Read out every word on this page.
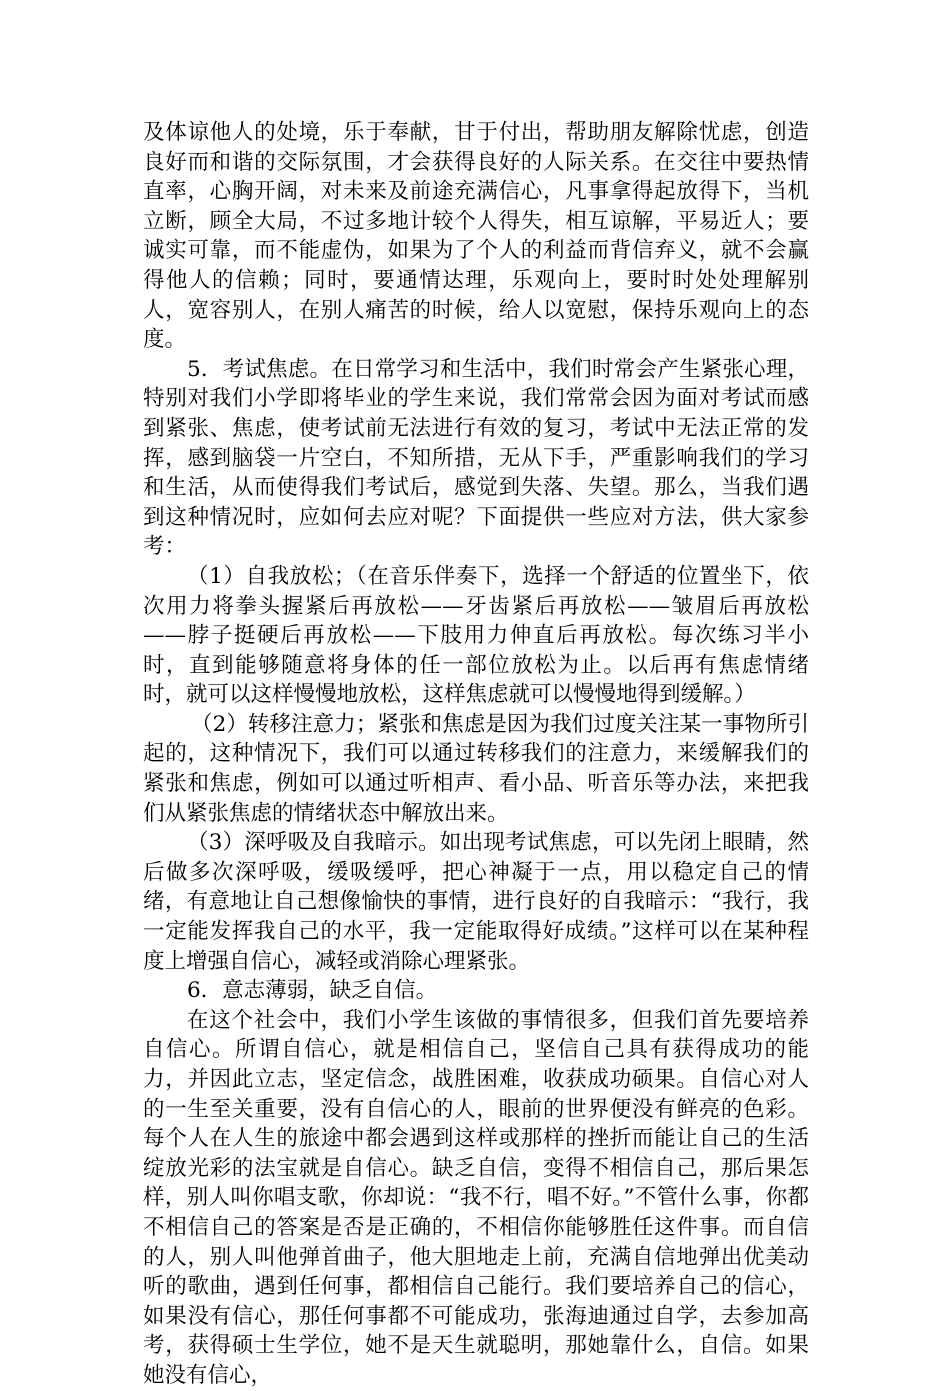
及体谅他人的处境，乐于奉献，甘于付出，帮助朋友解除忧虑，创造良好而和谐的交际氛围，才会获得良好的人际关系。在交往中要热情直率，心胸开阔，对未来及前途充满信心，凡事拿得起放得下，当机立断，顾全大局，不过多地计较个人得失，相互谅解，平易近人；要诚实可靠，而不能虚伪，如果为了个人的利益而背信弃义，就不会赢得他人的信赖；同时，要通情达理，乐观向上，要时时处处理解别人，宽容别人，在别人痛苦的时候，给人以宽慰，保持乐观向上的态度。

5．考试焦虑。在日常学习和生活中，我们时常会产生紧张心理，特别对我们小学即将毕业的学生来说，我们常常会因为面对考试而感到紧张、焦虑，使考试前无法进行有效的复习，考试中无法正常的发挥，感到脑袋一片空白，不知所措，无从下手，严重影响我们的学习和生活，从而使得我们考试后，感觉到失落、失望。那么，当我们遇到这种情况时，应如何去应对呢？下面提供一些应对方法，供大家参考：

（1）自我放松；（在音乐伴奏下，选择一个舒适的位置坐下，依次用力将拳头握紧后再放松——牙齿紧后再放松——皱眉后再放松——脖子挺硬后再放松——下肢用力伸直后再放松。每次练习半小时，直到能够随意将身体的任一部位放松为止。以后再有焦虑情绪时，就可以这样慢慢地放松，这样焦虑就可以慢慢地得到缓解。）

（2）转移注意力；紧张和焦虑是因为我们过度关注某一事物所引起的，这种情况下，我们可以通过转移我们的注意力，来缓解我们的紧张和焦虑，例如可以通过听相声、看小品、听音乐等办法，来把我们从紧张焦虑的情绪状态中解放出来。

（3）深呼吸及自我暗示。如出现考试焦虑，可以先闭上眼睛，然后做多次深呼吸，缓吸缓呼，把心神凝于一点，用以稳定自己的情绪，有意地让自己想像愉快的事情，进行良好的自我暗示：“我行，我一定能发挥我自己的水平，我一定能取得好成绩。”这样可以在某种程度上增强自信心，减轻或消除心理紧张。

6．意志薄弱，缺乏自信。

在这个社会中，我们小学生该做的事情很多，但我们首先要培养自信心。所谓自信心，就是相信自己，坚信自己具有获得成功的能力，并因此立志，坚定信念，战胜困难，收获成功硕果。自信心对人的一生至关重要，没有自信心的人，眼前的世界便没有鲜亮的色彩。每个人在人生的旅途中都会遇到这样或那样的挫折而能让自己的生活绽放光彩的法宝就是自信心。缺乏自信，变得不相信自己，那后果怎样，别人叫你唱支歌，你却说：“我不行，唱不好。”不管什么事，你都不相信自己的答案是否是正确的，不相信你能够胜任这件事。而自信的人，别人叫他弹首曲子，他大胆地走上前，充满自信地弹出优美动听的歌曲，遇到任何事，都相信自己能行。我们要培养自己的信心，如果没有信心，那任何事都不可能成功，张海迪通过自学，去参加高考，获得硕士生学位，她不是天生就聪明，那她靠什么，自信。如果她没有信心，
